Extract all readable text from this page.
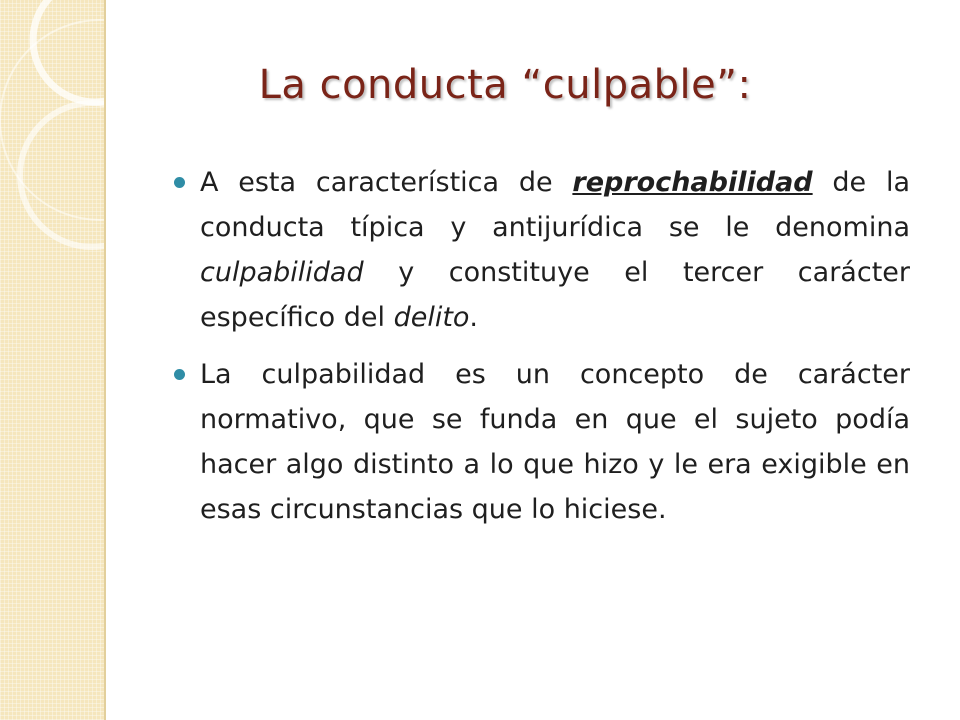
La conducta “culpable”:

A esta característica de reprochabilidad de la conducta típica y antijurídica se le denomina culpabilidad y constituye el tercer carácter específico del delito.

La culpabilidad es un concepto de carácter normativo, que se funda en que el sujeto podía hacer algo distinto a lo que hizo y le era exigible en esas circunstancias que lo hiciese.
